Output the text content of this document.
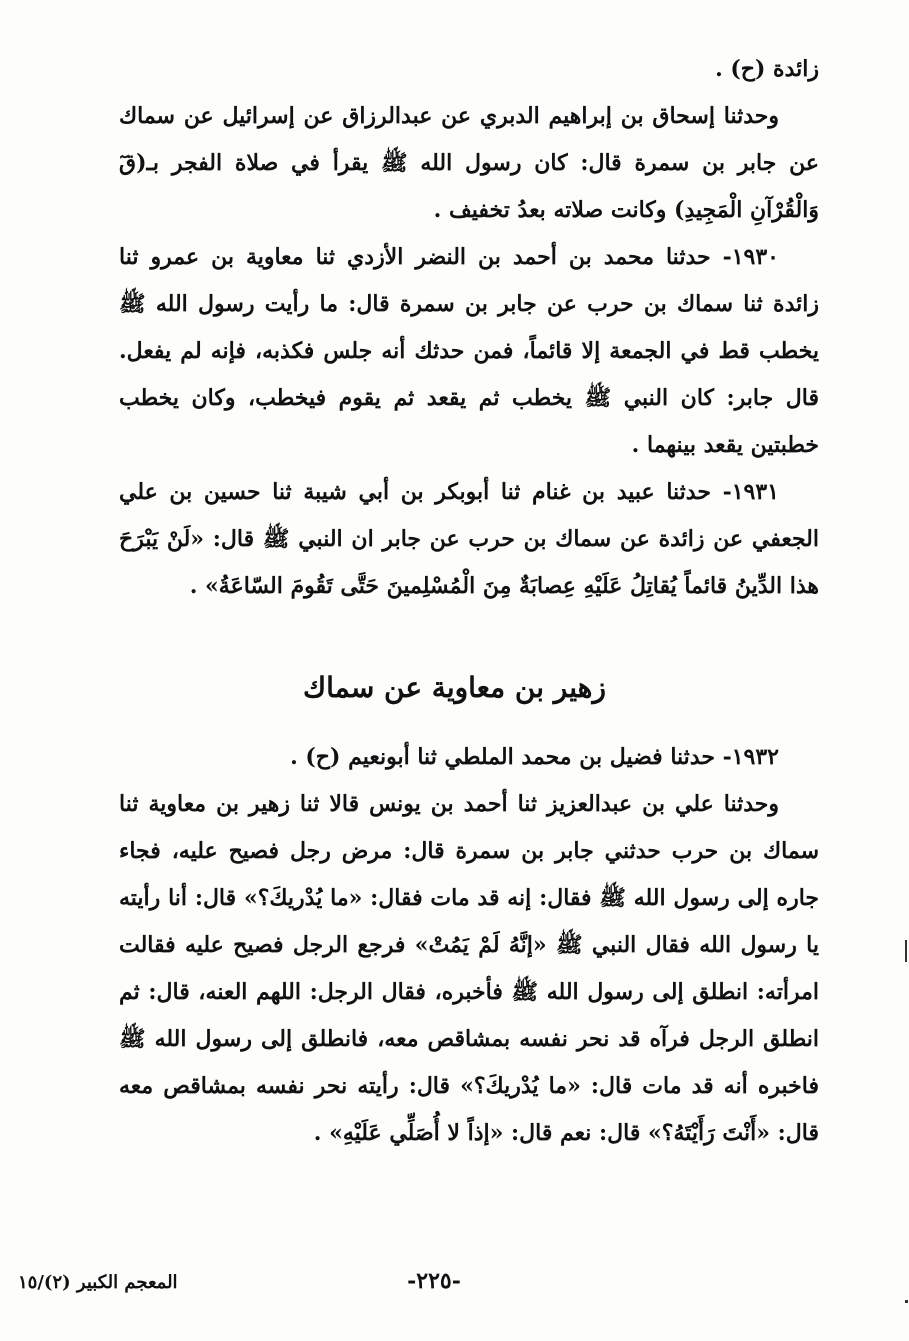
زائدة (ح) .

وحدثنا إسحاق بن إبراهيم الدبري عن عبدالرزاق عن إسرائيل عن سماك عن جابر بن سمرة قال: كان رسول الله ﷺ يقرأ في صلاة الفجر بـ(قٓ وَالْقُرْآنِ الْمَجِيدِ) وكانت صلاته بعدُ تخفيف .

١٩٣٠- حدثنا محمد بن أحمد بن النضر الأزدي ثنا معاوية بن عمرو ثنا زائدة ثنا سماك بن حرب عن جابر بن سمرة قال: ما رأيت رسول الله ﷺ يخطب قط في الجمعة إلا قائماً، فمن حدثك أنه جلس فكذبه، فإنه لم يفعل. قال جابر: كان النبي ﷺ يخطب ثم يقعد ثم يقوم فيخطب، وكان يخطب خطبتين يقعد بينهما .

١٩٣١- حدثنا عبيد بن غنام ثنا أبوبكر بن أبي شيبة ثنا حسين بن علي الجعفي عن زائدة عن سماك بن حرب عن جابر ان النبي ﷺ قال: «لَنْ يَبْرَحَ هذا الدِّينُ قائماً يُقاتِلُ عَلَيْهِ عِصابَةٌ مِنَ الْمُسْلِمينَ حَتَّى تَقُومَ السّاعَةُ» .

زهير بن معاوية عن سماك

١٩٣٢- حدثنا فضيل بن محمد الملطي ثنا أبونعيم (ح) .

وحدثنا علي بن عبدالعزيز ثنا أحمد بن يونس قالا ثنا زهير بن معاوية ثنا سماك بن حرب حدثني جابر بن سمرة قال: مرض رجل فصيح عليه، فجاء جاره إلى رسول الله ﷺ فقال: إنه قد مات فقال: «ما يُدْريكَ؟» قال: أنا رأيته يا رسول الله فقال النبي ﷺ «إنَّهُ لَمْ يَمُتْ» فرجع الرجل فصيح عليه فقالت امرأته: انطلق إلى رسول الله ﷺ فأخبره، فقال الرجل: اللهم العنه، قال: ثم انطلق الرجل فرآه قد نحر نفسه بمشاقص معه، فانطلق إلى رسول الله ﷺ فاخبره أنه قد مات قال: «ما يُدْريكَ؟» قال: رأيته نحر نفسه بمشاقص معه قال: «أَنْتَ رَأَيْتَهُ؟» قال: نعم قال: «إذاً لا أُصَلِّي عَلَيْهِ» .

-٢٢٥-
المعجم الكبير (٢)/١٥
